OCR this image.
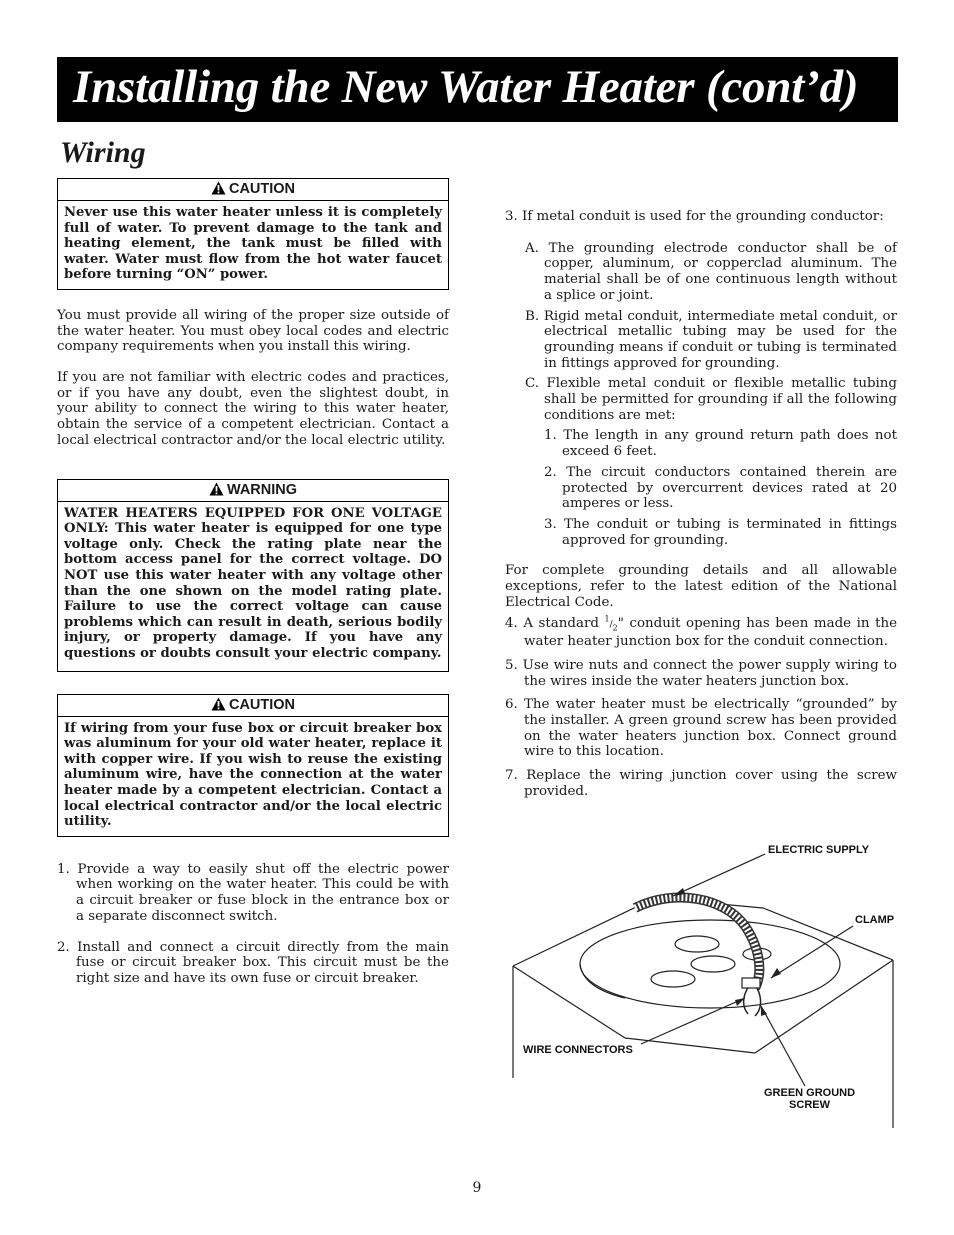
Installing the New Water Heater (cont’d)
Wiring
CAUTION
Never use this water heater unless it is completely full of water. To prevent damage to the tank and heating element, the tank must be filled with water. Water must flow from the hot water faucet before turning “ON” power.

You must provide all wiring of the proper size outside of the water heater. You must obey local codes and electric company requirements when you install this wiring.

If you are not familiar with electric codes and practices, or if you have any doubt, even the slightest doubt, in your ability to connect the wiring to this water heater, obtain the service of a competent electrician. Contact a local electrical contractor and/or the local electric utility.

WARNING
WATER HEATERS EQUIPPED FOR ONE VOLTAGE ONLY: This water heater is equipped for one type voltage only. Check the rating plate near the bottom access panel for the correct voltage. DO NOT use this water heater with any voltage other than the one shown on the model rating plate. Failure to use the correct voltage can cause problems which can result in death, serious bodily injury, or property damage. If you have any questions or doubts consult your electric company.
CAUTION
If wiring from your fuse box or circuit breaker box was aluminum for your old water heater, replace it with copper wire. If you wish to reuse the existing aluminum wire, have the connection at the water heater made by a competent electrician. Contact a local electrical contractor and/or the local electric utility.

1. Provide a way to easily shut off the electric power when working on the water heater. This could be with a circuit breaker or fuse block in the entrance box or a separate disconnect switch.

2. Install and connect a circuit directly from the main fuse or circuit breaker box. This circuit must be the right size and have its own fuse or circuit breaker.

3. If metal conduit is used for the grounding conductor:

A. The grounding electrode conductor shall be of copper, aluminum, or copperclad aluminum. The material shall be of one continuous length without a splice or joint.

B. Rigid metal conduit, intermediate metal conduit, or electrical metallic tubing may be used for the grounding means if conduit or tubing is terminated in fittings approved for grounding.

C. Flexible metal conduit or flexible metallic tubing shall be permitted for grounding if all the following conditions are met:

1. The length in any ground return path does not exceed 6 feet.

2. The circuit conductors contained therein are protected by overcurrent devices rated at 20 amperes or less.

3. The conduit or tubing is terminated in fittings approved for grounding.

For complete grounding details and all allowable exceptions, refer to the latest edition of the National Electrical Code.

4. A standard $^1/_2$" conduit opening has been made in the water heater junction box for the conduit connection.

5. Use wire nuts and connect the power supply wiring to the wires inside the water heaters junction box.

6. The water heater must be electrically “grounded” by the installer. A green ground screw has been provided on the water heaters junction box. Connect ground wire to this location.

7. Replace the wiring junction cover using the screw provided.

ELECTRIC SUPPLY
CLAMP
WIRE CONNECTORS
GREEN GROUND
SCREW
9
